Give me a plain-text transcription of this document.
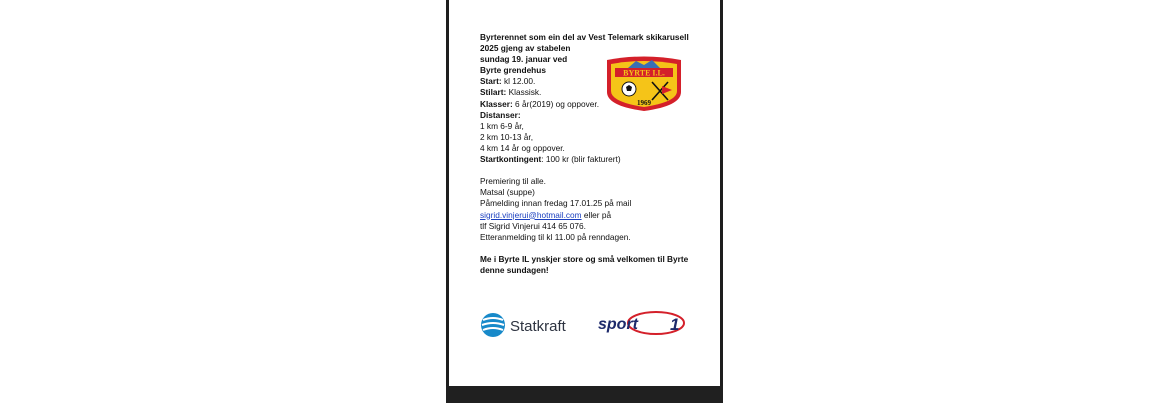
Byrterennet som ein del av Vest Telemark skikarusell
2025 gjeng av stabelen
sundag 19. januar ved
Byrte grendehus
Start: kl 12.00.
Stilart: Klassisk.
Klasser: 6 år(2019) og oppover.
Distanser:
1 km 6-9 år,
2 km 10-13 år,
4 km 14 år og oppover.
Startkontingent: 100 kr (blir fakturert)
Premiering til alle.
Matsal (suppe)
Påmelding innan fredag 17.01.25 på mail
sigrid.vinjerui@hotmail.com eller på
tlf Sigrid Vinjerui 414 65 076.
Etteranmelding til kl 11.00 på renndagen.
Me i Byrte IL ynskjer store og små velkomen til Byrte
denne sundagen!
BYRTE I.L.
1969
Statkraft sport 1
